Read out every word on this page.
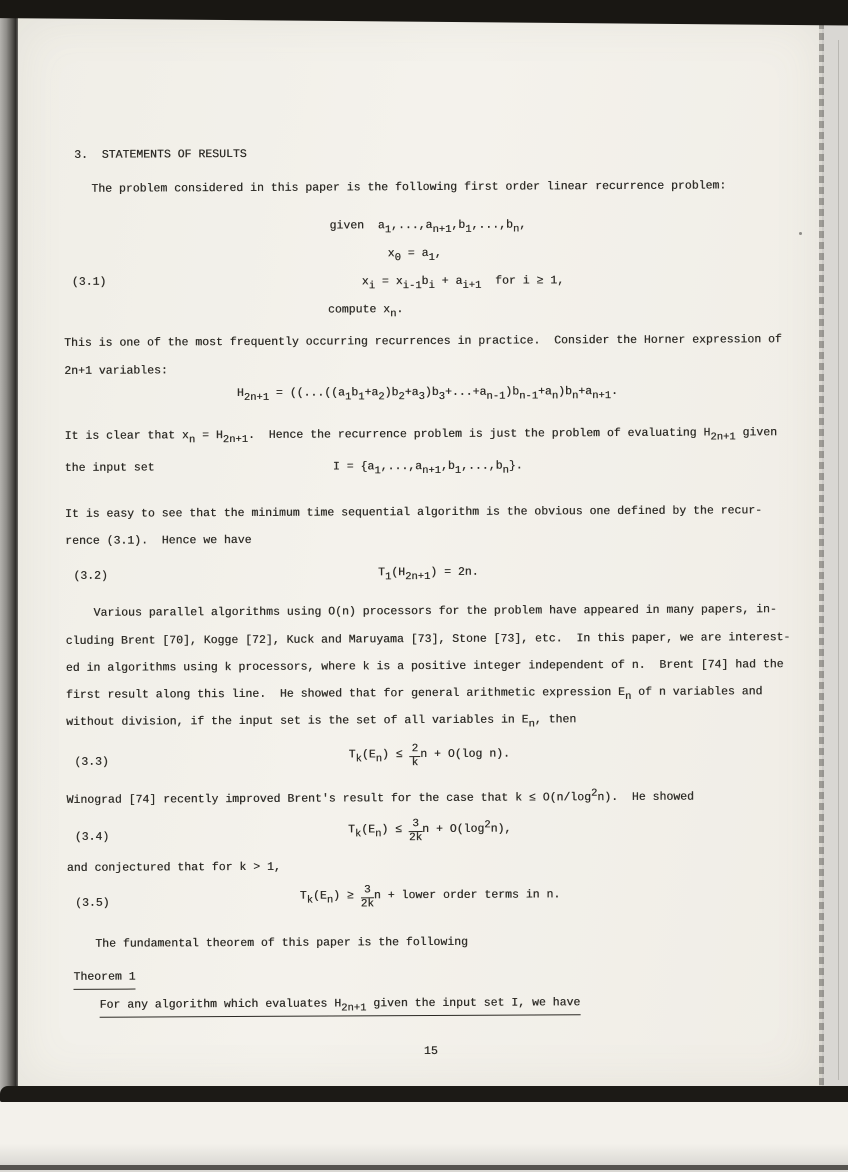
3.  STATEMENTS OF RESULTS
The problem considered in this paper is the following first order linear recurrence problem:
(3.1)
given  $a_1,...,a_{n+1},b_1,...,b_n$,
$x_0 = a_1$,
$x_i = x_{i-1}b_i + a_{i+1}$  for i ≥ 1,
compute $x_n$.
This is one of the most frequently occurring recurrences in practice.  Consider the Horner expression of
2n+1 variables:
$H_{2n+1} = ((...((a_1b_1+a_2)b_2+a_3)b_3+...+a_{n-1})b_{n-1}+a_n)b_n+a_{n+1}$.
It is clear that $x_n = H_{2n+1}$.  Hence the recurrence problem is just the problem of evaluating $H_{2n+1}$ given
the input set	$I = \{a_1,...,a_{n+1},b_1,...,b_n\}$.
It is easy to see that the minimum time sequential algorithm is the obvious one defined by the recur-
rence (3.1).  Hence we have
(3.2)	$T_1(H_{2n+1}) = 2n$.
Various parallel algorithms using O(n) processors for the problem have appeared in many papers, in-
cluding Brent [70], Kogge [72], Kuck and Maruyama [73], Stone [73], etc.  In this paper, we are interest-
ed in algorithms using k processors, where k is a positive integer independent of n.  Brent [74] had the
first result along this line.  He showed that for general arithmetic expression $E_n$ of n variables and
without division, if the input set is the set of all variables in $E_n$, then
(3.3)
$T_k(E_n) \le \frac{2}{k}$ n + O(log n).
Winograd [74] recently improved Brent's result for the case that $k \le O(n/\log^2n)$.  He showed
(3.4)
$T_k(E_n) \le \frac{3}{2k}$ $n + O(\log^2n)$,
and conjectured that for k > 1,
(3.5)
$T_k(E_n) \ge \frac{3}{2k}$ n + lower order terms in n.
The fundamental theorem of this paper is the following
Theorem 1
For any algorithm which evaluates $H_{2n+1}$ given the input set I, we have
15
